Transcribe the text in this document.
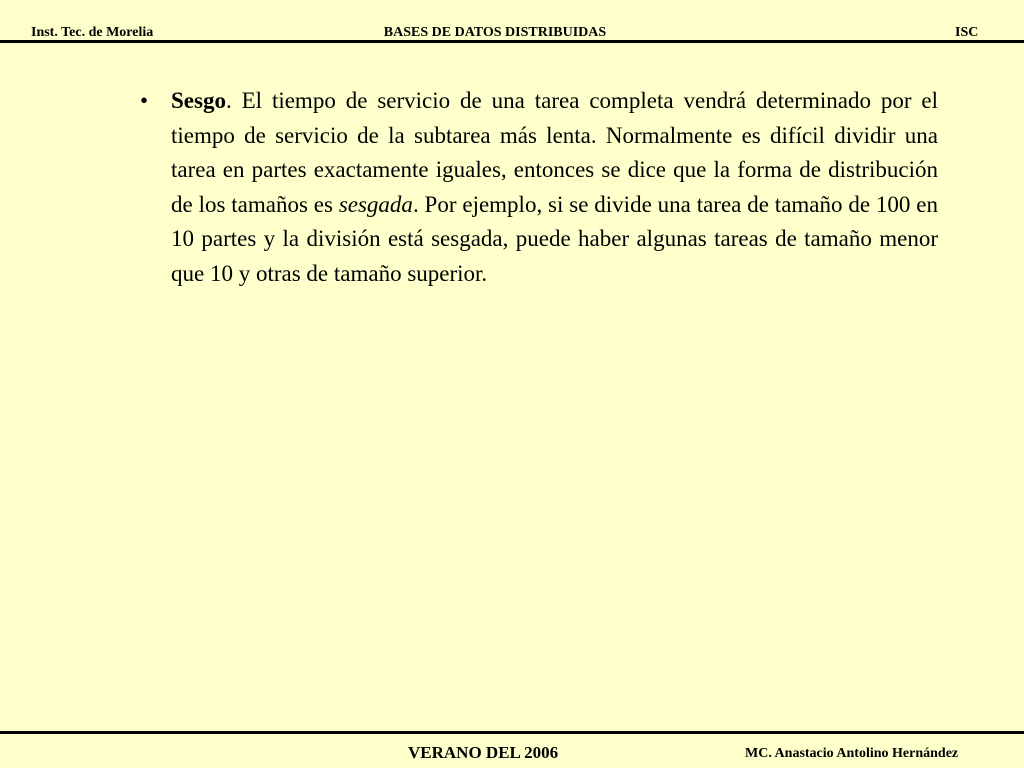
Inst. Tec. de Morelia	BASES DE DATOS DISTRIBUIDAS	ISC
• Sesgo. El tiempo de servicio de una tarea completa vendrá determinado por el tiempo de servicio de la subtarea más lenta. Normalmente es difícil dividir una tarea en partes exactamente iguales, entonces se dice que la forma de distribución de los tamaños es sesgada. Por ejemplo, si se divide una tarea de tamaño de 100 en 10 partes y la división está sesgada, puede haber algunas tareas de tamaño menor que 10 y otras de tamaño superior.
VERANO DEL 2006	MC. Anastacio Antolino Hernández
